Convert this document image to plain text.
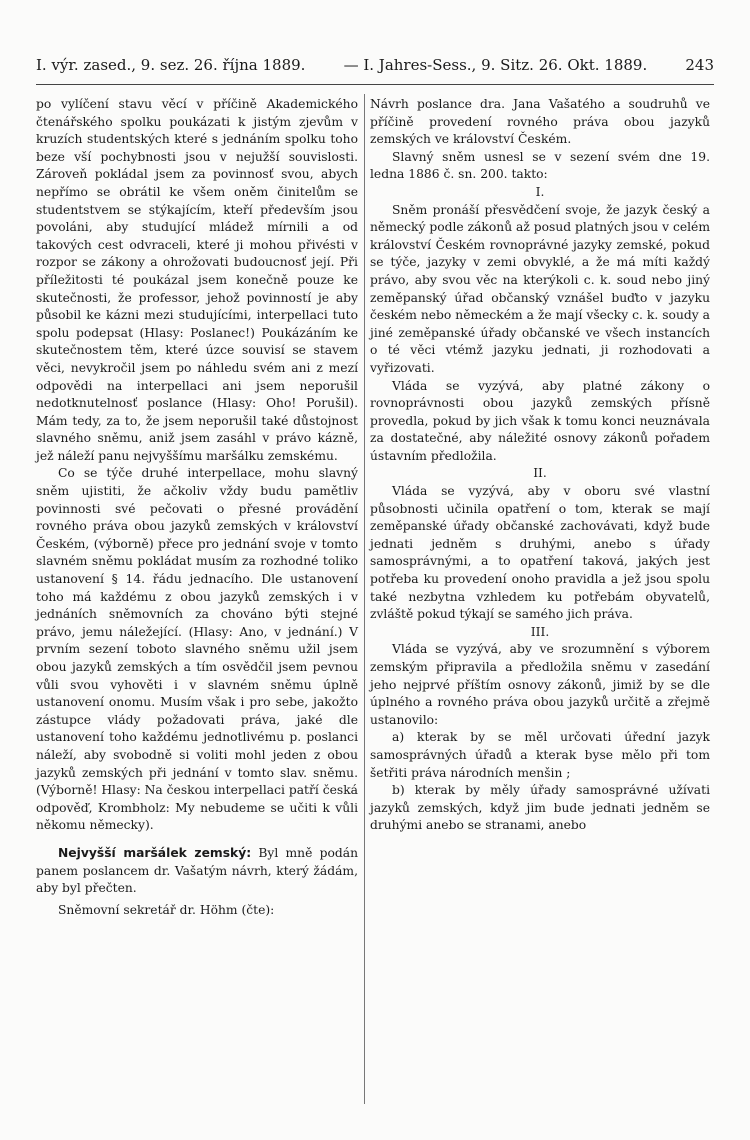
I. výr. zased., 9. sez. 26. října 1889.	— I. Jahres-Sess., 9. Sitz. 26. Okt. 1889.	243

po vylíčení stavu věcí v příčině Akademického čtenářského spolku poukázati k jistým zjevům v kruzích studentských které s jednáním spolku toho beze vší pochybnosti jsou v nejužší souvislosti. Zároveň pokládal jsem za povinnosť svou, abych nepřímo se obrátil ke všem oněm činitelům se studentstvem se stýkajícím, kteří především jsou povoláni, aby studující mládež mírnili a od takových cest odvraceli, které ji mohou přivésti v rozpor se zákony a ohrožovati budoucnosť její. Při příležitosti té poukázal jsem konečně pouze ke skutečnosti, že professor, jehož povinností je aby působil ke kázni mezi studujícími, interpellaci tuto spolu podepsat (Hlasy: Poslanec!) Poukázáním ke skutečnostem těm, které úzce souvisí se stavem věci, nevykročil jsem po náhledu svém ani z mezí odpovědi na interpellaci ani jsem neporušil nedotknutelnosť poslance (Hlasy: Oho! Porušil). Mám tedy, za to, že jsem neporušil také důstojnost slavného sněmu, aniž jsem zasáhl v právo kázně, jež náleží panu nejvyššímu maršálku zemskému.

Co se týče druhé interpellace, mohu slavný sněm ujistiti, že ačkoliv vždy budu pamětliv povinnosti své pečovati o přesné provádění rovného práva obou jazyků zemských v království Českém, (výborně) přece pro jednání svoje v tomto slavném sněmu pokládat musím za rozhodné toliko ustanovení § 14. řádu jednacího. Dle ustanovení toho má každému z obou jazyků zemských i v jednáních sněmovních za chováno býti stejné právo, jemu náležející. (Hlasy: Ano, v jednání.) V prvním sezení toboto slavného sněmu užil jsem obou jazyků zemských a tím osvědčil jsem pevnou vůli svou vyhověti i v slavném sněmu úplně ustanovení onomu. Musím však i pro sebe, jakožto zástupce vlády požadovati práva, jaké dle ustanovení toho každému jednotlivému p. poslanci náleží, aby svobodně si voliti mohl jeden z obou jazyků zemských při jednání v tomto slav. sněmu. (Výborně! Hlasy: Na českou interpellaci patří česká odpověď, Krombholz: My nebudeme se učiti k vůli někomu německy).

Nejvyšší maršálek zemský: Byl mně podán panem poslancem dr. Vašatým návrh, který žádám, aby byl přečten.

Sněmovní sekretář dr. Höhm (čte):

Návrh poslance dra. Jana Vašatého a soudruhů ve příčině provedení rovného práva obou jazyků zemských ve království Českém.

Slavný sněm usnesl se v sezení svém dne 19. ledna 1886 č. sn. 200. takto:

I.

Sněm pronáší přesvědčení svoje, že jazyk český a německý podle zákonů až posud platných jsou v celém království Českém rovnoprávné jazyky zemské, pokud se týče, jazyky v zemi obvyklé, a že má míti každý právo, aby svou věc na kterýkoli c. k. soud nebo jiný zeměpanský úřad občanský vznášel buďto v jazyku českém nebo německém a že mají všecky c. k. soudy a jiné zeměpanské úřady občanské ve všech instancích o té věci vtémž jazyku jednati, ji rozhodovati a vyřizovati.

Vláda se vyzývá, aby platné zákony o rovnoprávnosti obou jazyků zemských přísně provedla, pokud by jich však k tomu konci neuznávala za dostatečné, aby náležité osnovy zákonů pořadem ústavním předložila.

II.

Vláda se vyzývá, aby v oboru své vlastní působnosti učinila opatření o tom, kterak se mají zeměpanské úřady občanské zachovávati, když bude jednati jedněm s druhými, anebo s úřady samosprávnými, a to opatření taková, jakých jest potřeba ku provedení onoho pravidla a jež jsou spolu také nezbytna vzhledem ku potřebám obyvatelů, zvláště pokud týkají se samého jich práva.

III.

Vláda se vyzývá, aby ve srozumnění s výborem zemským připravila a předložila sněmu v zasedání jeho nejprvé příštím osnovy zákonů, jimiž by se dle úplného a rovného práva obou jazyků určitě a zřejmě ustanovilo:

a) kterak by se měl určovati úřední jazyk samosprávných úřadů a kterak byse mělo při tom šetřiti práva národních menšin ;

b) kterak by měly úřady samosprávné užívati jazyků zemských, když jim bude jednati jedněm se druhými anebo se stranami, anebo
